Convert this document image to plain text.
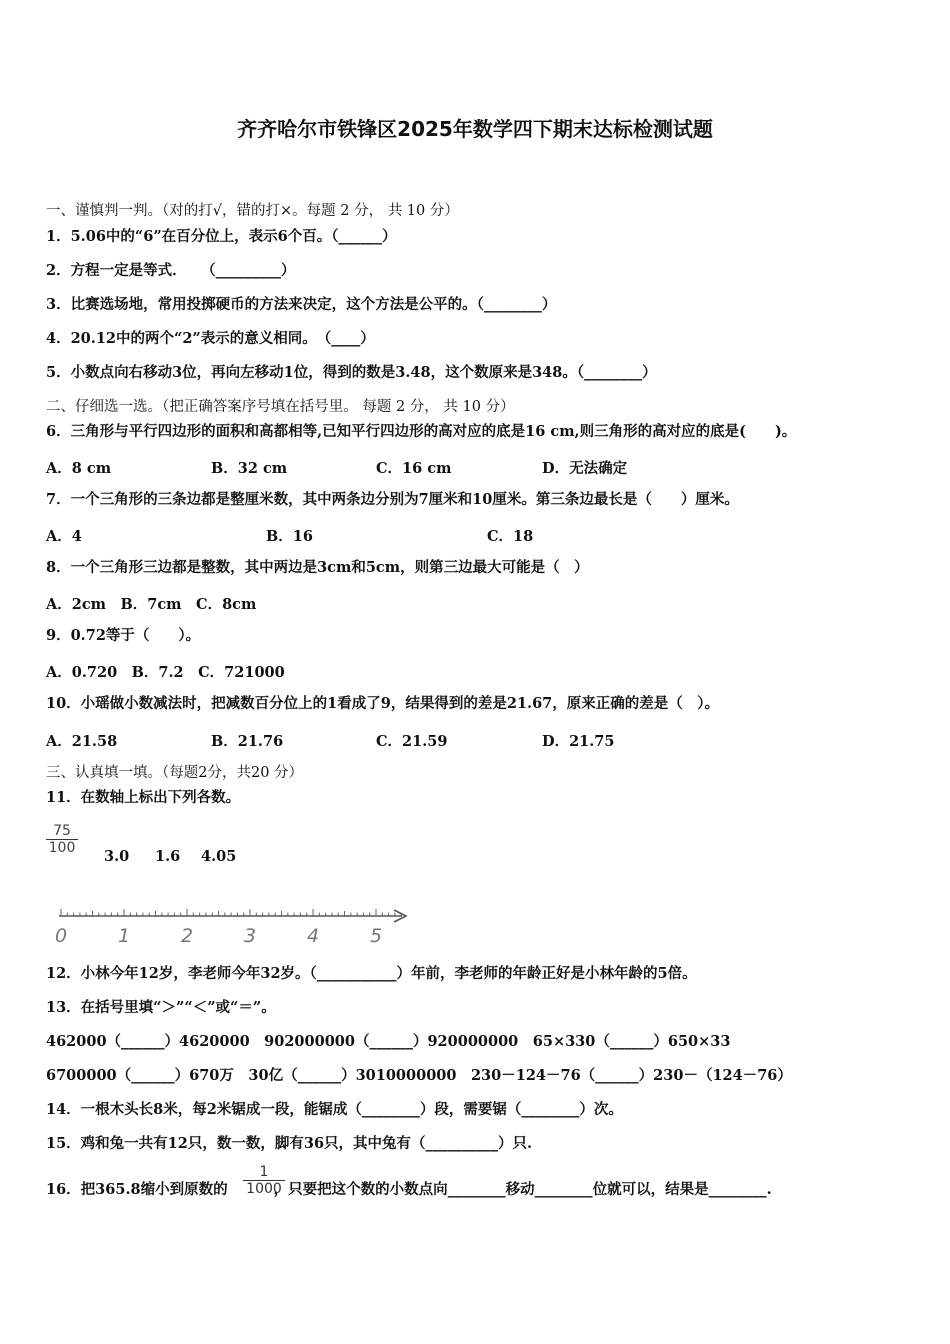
齐齐哈尔市铁锋区2025年数学四下期末达标检测试题
一、谨慎判一判。（对的打√，错的打×。每题 2 分， 共 10 分）
1．5.06中的“6”在百分位上，表示6个百。（______）
2．方程一定是等式．　　（_________）
3．比赛选场地，常用投掷硬币的方法来决定，这个方法是公平的。（________）
4．20.12中的两个“2”表示的意义相同。　（____）
5．小数点向右移动3位，再向左移动1位，得到的数是3.48，这个数原来是348。（________）
二、仔细选一选。（把正确答案序号填在括号里。 每题 2 分， 共 10 分）
6．三角形与平行四边形的面积和高都相等,已知平行四边形的高对应的底是16 cm,则三角形的高对应的底是(　　)。
A．8 cm	B．32 cm	C．16 cm	D．无法确定
7．一个三角形的三条边都是整厘米数，其中两条边分别为7厘米和10厘米。第三条边最长是（　　）厘米。
A．4	B．16	C．18
8．一个三角形三边都是整数，其中两边是3cm和5cm，则第三边最大可能是（　）
A．2cm　B．7cm　C．8cm
9．0.72等于（　　）。
A．0.720　B．7.2　C．721000
10．小瑶做小数减法时，把减数百分位上的1看成了9，结果得到的差是21.67，原来正确的差是（　）。
A．21.58	B．21.76	C．21.59	D．21.75
三、认真填一填。（每题2分，共20 分）
11．在数轴上标出下列各数。
75
100 3.0 1.6 4.05
0	1	2	3	4	5
12．小林今年12岁，李老师今年32岁。（___________）年前，李老师的年龄正好是小林年龄的5倍。
13．在括号里填“＞”“＜”或“＝”。
462000（______）4620000　902000000（______）920000000　65×330（______）650×33
6700000（______）670万　30亿（______）3010000000　230－124－76（______）230－（124－76）
14．一根木头长8米，每2米锯成一段，能锯成（________）段，需要锯（________）次。
15．鸡和兔一共有12只，数一数，脚有36只，其中兔有（__________）只.
16．把365.8缩小到原数的	，只要把这个数的小数点向________移动________位就可以，结果是________.
1
1000
